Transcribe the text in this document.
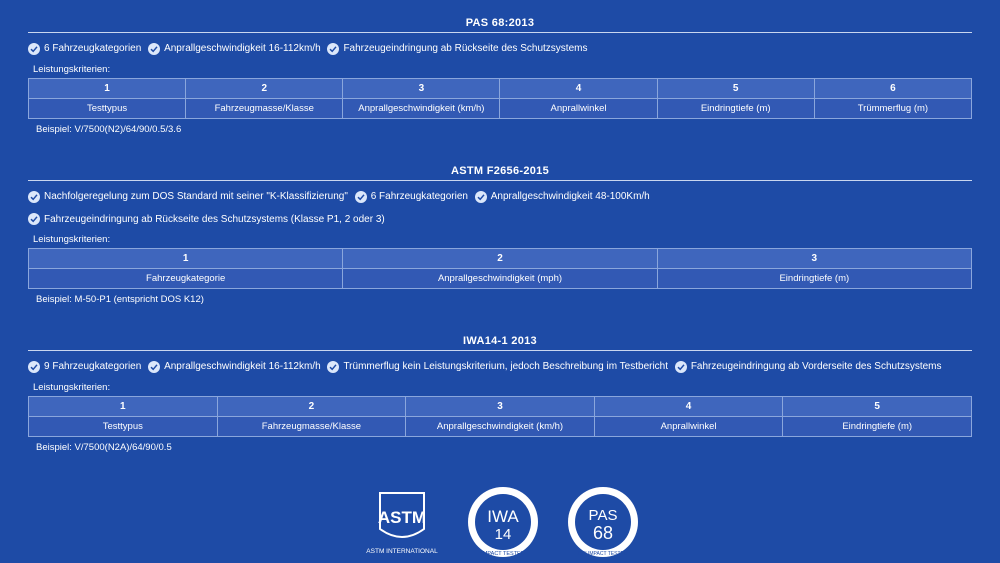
PAS 68:2013
6 Fahrzeugkategorien
Anprallgeschwindigkeit 16-112km/h
Fahrzeugeindringung ab Rückseite des Schutzsystems
Leistungskriterien:
1	2	3	4	5	6
Testtypus	Fahrzeugmasse/Klasse	Anprallgeschwindigkeit (km/h)	Anprallwinkel	Eindringtiefe (m)	Trümmerflug (m)
Beispiel: V/7500(N2)/64/90/0.5/3.6
ASTM F2656-2015
Nachfolgeregelung zum DOS Standard mit seiner "K-Klassifizierung"
6 Fahrzeugkategorien
Anprallgeschwindigkeit 48-100Km/h

Fahrzeugeindringung ab Rückseite des Schutzsystems (Klasse P1, 2 oder 3)
Leistungskriterien:
1	2	3
Fahrzeugkategorie	Anprallgeschwindigkeit (mph)	Eindringtiefe (m)
Beispiel: M-50-P1 (entspricht DOS K12)
IWA14-1 2013
9 Fahrzeugkategorien
Anprallgeschwindigkeit 16-112km/h
Trümmerflug kein Leistungskriterium, jedoch Beschreibung im Testbericht
Fahrzeugeindringung ab Vorderseite des Schutzsystems
Leistungskriterien:
1	2	3	4	5
Testtypus	Fahrzeugmasse/Klasse	Anprallgeschwindigkeit (km/h)	Anprallwinkel	Eindringtiefe (m)
Beispiel: V/7500(N2A)/64/90/0.5
ASTM
ASTM INTERNATIONAL
IWA
14
IMPACT TESTED
PAS
68
BSI IMPACT TESTED
